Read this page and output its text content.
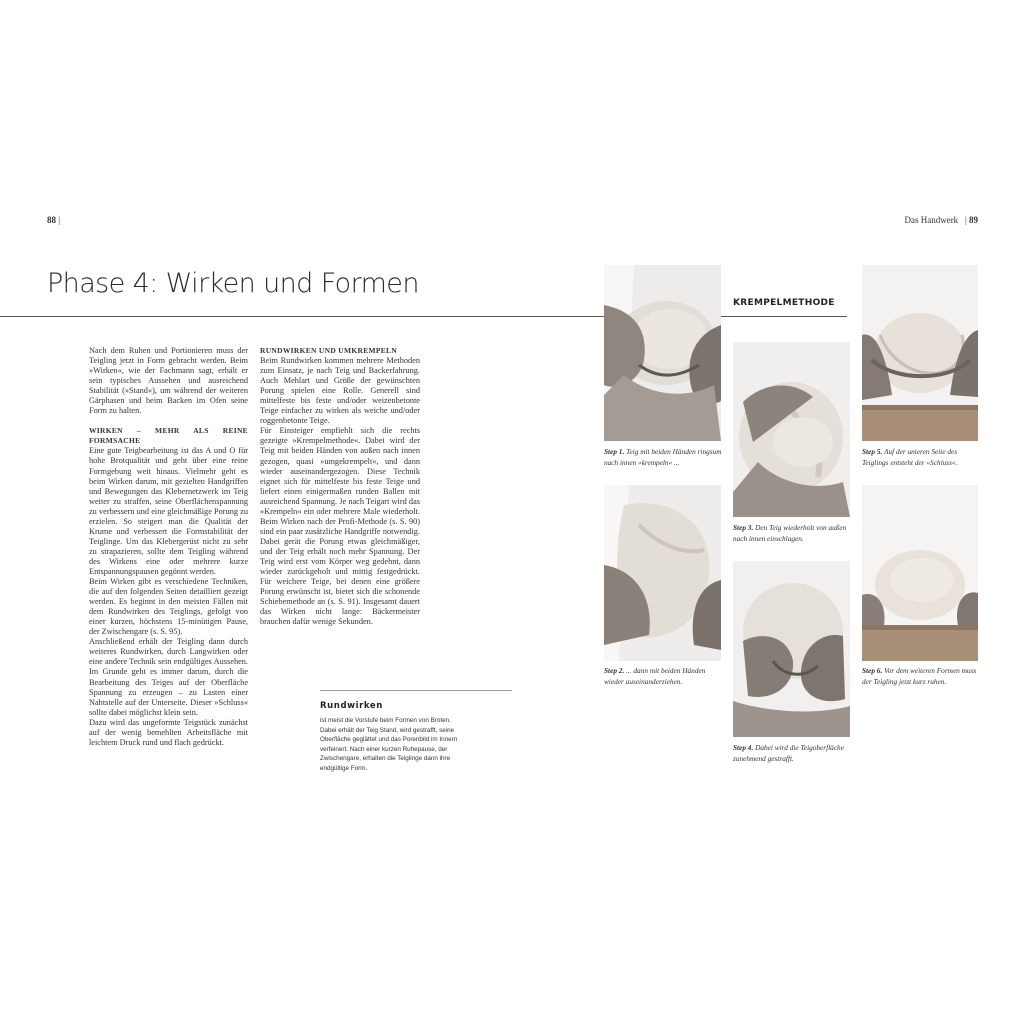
88 |	Das Handwerk   | 89
Phase 4: Wirken und Formen

Nach dem Ruhen und Portionieren muss der Teigling jetzt in Form gebracht werden. Beim »Wirken«, wie der Fachmann sagt, erhält er sein typisches Aussehen und ausreichend Stabilität (»Stand«), um während der weiteren Gärphasen und beim Backen im Ofen seine Form zu halten.

WIRKEN – MEHR ALS REINE FORMSACHE

Eine gute Teigbearbeitung ist das A und O für hohe Brotqualität und geht über eine reine Formgebung weit hinaus. Vielmehr geht es beim Wirken darum, mit gezielten Handgriffen und Bewegungen das Klebernetzwerk im Teig weiter zu straffen, seine Oberflächenspannung zu verbessern und eine gleichmäßige Porung zu erzielen. So steigert man die Qualität der Krume und verbessert die Formstabilität der Teiglinge. Um das Klebergerüst nicht zu sehr zu strapazieren, sollte dem Teigling während des Wirkens eine oder mehrere kurze Entspannungspausen gegönnt werden.

Beim Wirken gibt es verschiedene Techniken, die auf den folgenden Seiten detailliert gezeigt werden. Es beginnt in den meisten Fällen mit dem Rundwirken des Teiglings, gefolgt von einer kurzen, höchstens 15-minütigen Pause, der Zwischengare (s. S. 95).

Anschließend erhält der Teigling dann durch weiteres Rundwirken, durch Langwirken oder eine andere Technik sein endgültiges Aussehen. Im Grunde geht es immer darum, durch die Bearbeitung des Teiges auf der Oberfläche Spannung zu erzeugen – zu Lasten einer Nahtstelle auf der Unterseite. Dieser »Schluss« sollte dabei möglichst klein sein.

Dazu wird das ungeformte Teigstück zunächst auf der wenig bemehlten Arbeitsfläche mit leichtem Druck rund und flach gedrückt.

RUNDWIRKEN UND UMKREMPELN

Beim Rundwirken kommen mehrere Methoden zum Einsatz, je nach Teig und Backerfahrung. Auch Mehlart und Größe der gewünschten Porung spielen eine Rolle. Generell sind mittelfeste bis feste und/oder weizenbetonte Teige einfacher zu wirken als weiche und/oder roggenbetonte Teige.

Für Einsteiger empfiehlt sich die rechts gezeigte »Krempelmethode«. Dabei wird der Teig mit beiden Händen von außen nach innen gezogen, quasi »umgekrempelt«, und dann wieder auseinandergezogen. Diese Technik eignet sich für mittelfeste bis feste Teige und liefert einen einigermaßen runden Ballen mit ausreichend Spannung. Je nach Teigart wird das »Krempeln« ein oder mehrere Male wiederholt. Beim Wirken nach der Profi-Methode (s. S. 90) sind ein paar zusätzliche Handgriffe notwendig. Dabei gerät die Porung etwas gleichmäßiger, und der Teig erhält noch mehr Spannung. Der Teig wird erst vom Körper weg gedehnt, dann wieder zurückgeholt und mittig festgedrückt. Für weichere Teige, bei denen eine größere Porung erwünscht ist, bietet sich die schonende Schiebemethode an (s. S. 91). Insgesamt dauert das Wirken nicht lange: Bäckermeister brauchen dafür wenige Sekunden.

Rundwirken
ist meist die Vorstufe beim Formen von Broten. Dabei erhält der Teig Stand, wird gestrafft, seine Oberfläche geglättet und das Porenbild im Innern verfeinert. Nach einer kurzen Ruhepause, der Zwischengare, erhalten die Teiglinge dann ihre endgültige Form.
KREMPELMETHODE
Step 1. Teig mit beiden Händen ringsum nach innen »krempeln« ...
Step 2. ... dann mit beiden Händen wieder auseinanderziehen.
Step 3. Den Teig wiederholt von außen nach innen einschlagen.
Step 4. Dabei wird die Teigoberfläche zunehmend gestrafft.
Step 5. Auf der unteren Seite des Teiglings entsteht der »Schluss«.
Step 6. Vor dem weiteren Formen muss der Teigling jetzt kurz ruhen.
